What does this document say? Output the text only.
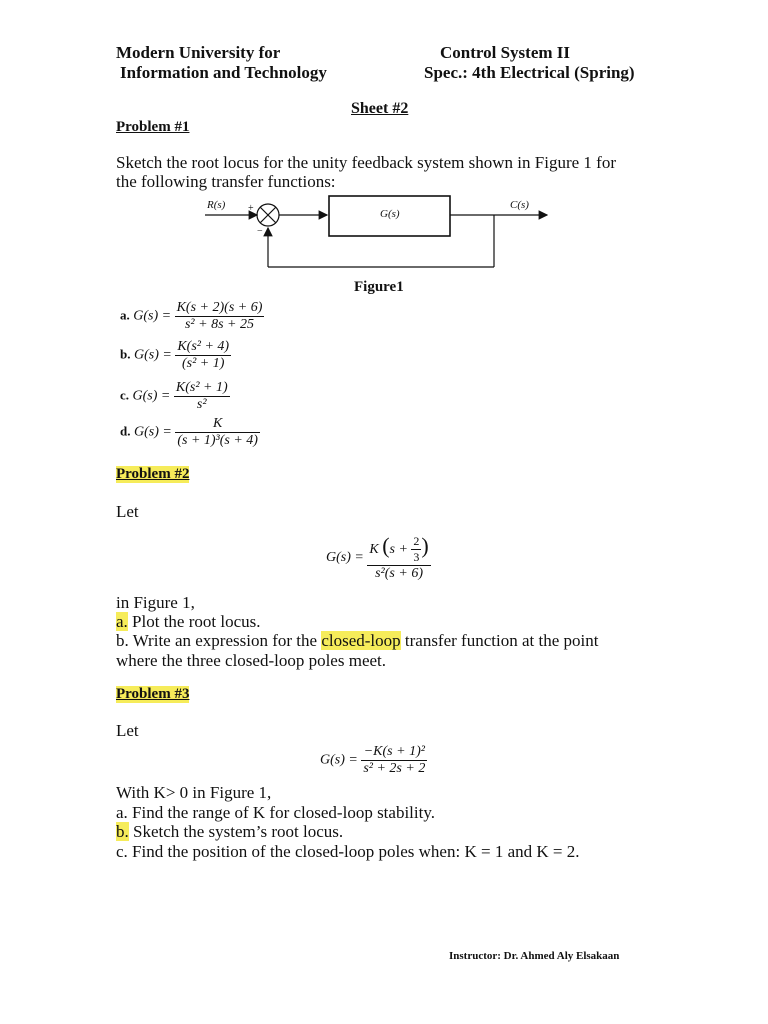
Modern University for
Information and Technology
Control System II
Spec.: 4th Electrical (Spring)
Sheet #2
Problem #1
Sketch the root locus for the unity feedback system shown in Figure 1 for
the following transfer functions:
R(s) +
−
G(s)
C(s)
Figure1
a. $G(s) = \frac{K(s + 2)(s + 6)}{\text{s² + 8s + 25}}$
b. $G(s) = \frac{\text{K(s² + 4)}}{\text{(s² + 1)}}$
c. $G(s) = \frac{\text{K(s² + 1)}}{\text{s²}}$
d. $G(s) = \frac{K}{\text{(s + 1)³(s + 4)}}$
Problem #2
Let
$G(s) = \frac{K (s + \frac{2}{3} )}{\text{s²(s + 6)}}$
in Figure 1,
a. Plot the root locus.
b. Write an expression for the closed-loop transfer function at the point
where the three closed-loop poles meet.
Problem #3
Let
$G(s) = \frac{\text{−K(s + 1)²}}{\text{s² + 2s + 2}}$
With K> 0 in Figure 1,
a. Find the range of K for closed-loop stability.
b. Sketch the system’s root locus.
c. Find the position of the closed-loop poles when: K = 1 and K = 2.
Instructor: Dr. Ahmed Aly Elsakaan
